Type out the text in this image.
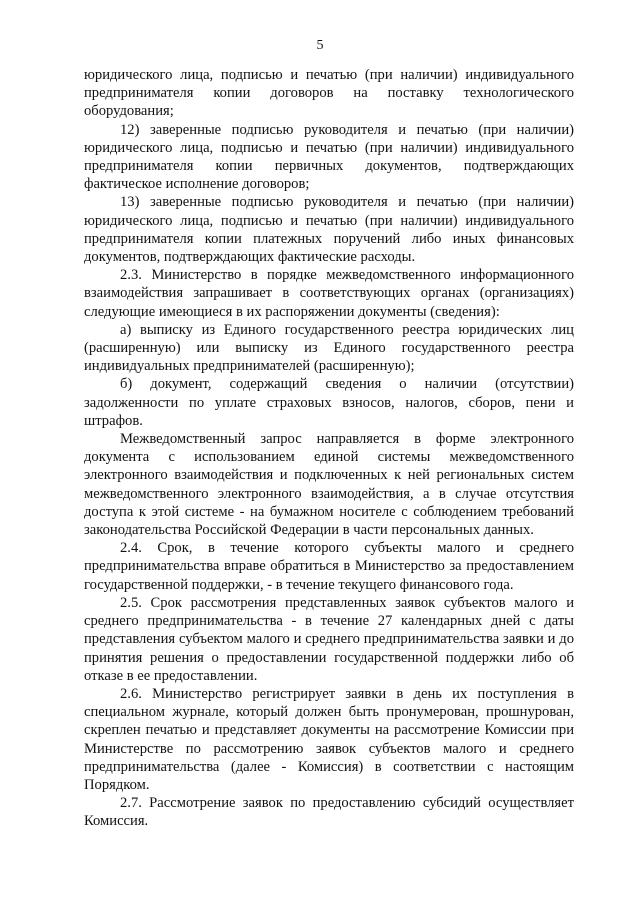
5

юридического лица, подписью и печатью (при наличии) индивидуального предпринимателя копии договоров на поставку технологического оборудования;

12) заверенные подписью руководителя и печатью (при наличии) юридического лица, подписью и печатью (при наличии) индивидуального предпринимателя копии первичных документов, подтверждающих фактическое исполнение договоров;

13) заверенные подписью руководителя и печатью (при наличии) юридического лица, подписью и печатью (при наличии) индивидуального предпринимателя копии платежных поручений либо иных финансовых документов, подтверждающих фактические расходы.

2.3. Министерство в порядке межведомственного информационного взаимодействия запрашивает в соответствующих органах (организациях) следующие имеющиеся в их распоряжении документы (сведения):

а) выписку из Единого государственного реестра юридических лиц (расширенную) или выписку из Единого государственного реестра индивидуальных предпринимателей (расширенную);

б) документ, содержащий сведения о наличии (отсутствии) задолженности по уплате страховых взносов, налогов, сборов, пени и штрафов.

Межведомственный запрос направляется в форме электронного документа с использованием единой системы межведомственного электронного взаимодействия и подключенных к ней региональных систем межведомственного электронного взаимодействия, а в случае отсутствия доступа к этой системе - на бумажном носителе с соблюдением требований законодательства Российской Федерации в части персональных данных.

2.4. Срок, в течение которого субъекты малого и среднего предпринимательства вправе обратиться в Министерство за предоставлением государственной поддержки, - в течение текущего финансового года.

2.5. Срок рассмотрения представленных заявок субъектов малого и среднего предпринимательства - в течение 27 календарных дней с даты представления субъектом малого и среднего предпринимательства заявки и до принятия решения о предоставлении государственной поддержки либо об отказе в ее предоставлении.

2.6. Министерство регистрирует заявки в день их поступления в специальном журнале, который должен быть пронумерован, прошнурован, скреплен печатью и представляет документы на рассмотрение Комиссии при Министерстве по рассмотрению заявок субъектов малого и среднего предпринимательства (далее - Комиссия) в соответствии с настоящим Порядком.

2.7. Рассмотрение заявок по предоставлению субсидий осуществляет Комиссия.
